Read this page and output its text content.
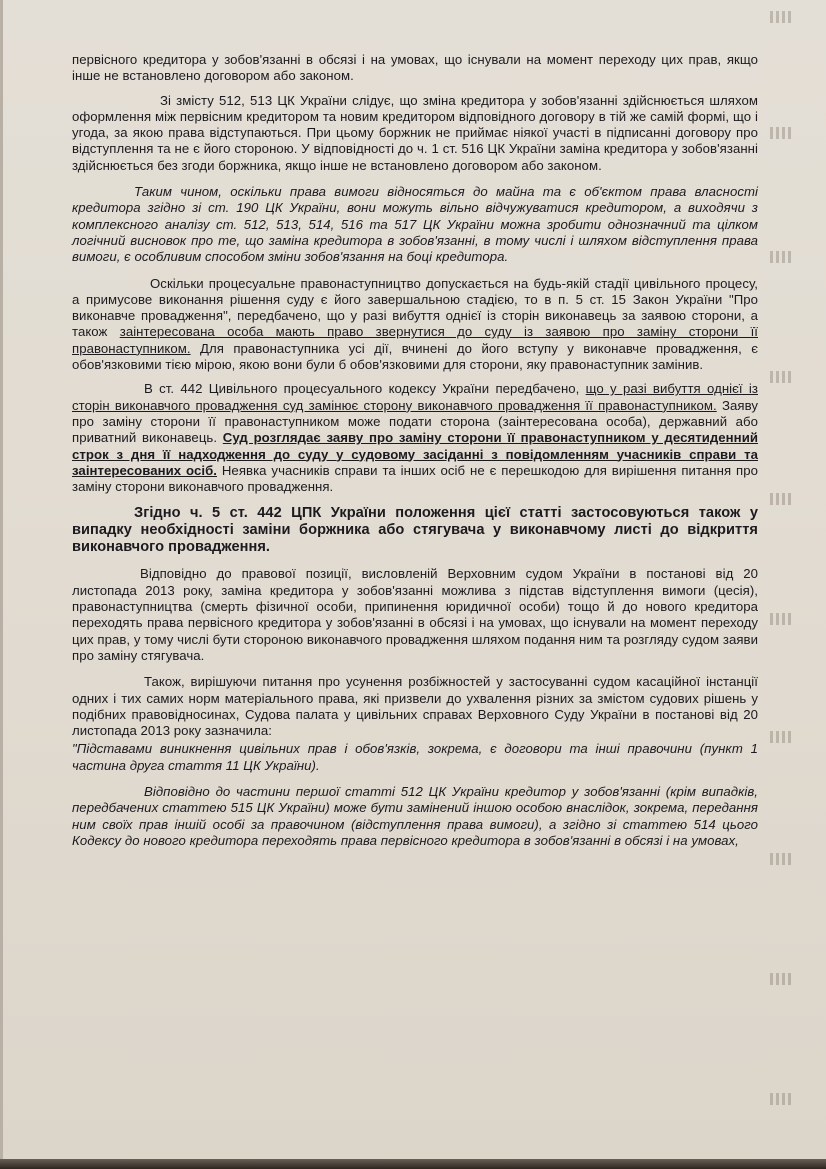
первісного кредитора у зобов'язанні в обсязі і на умовах, що існували на момент переходу цих прав, якщо інше не встановлено договором або законом.

Зі змісту 512, 513 ЦК України слідує, що зміна кредитора у зобов'язанні здійснюється шляхом оформлення між первісним кредитором та новим кредитором відповідного договору в тій же самій формі, що і угода, за якою права відступаються. При цьому боржник не приймає ніякої участі в підписанні договору про відступлення та не є його стороною. У відповідності до ч. 1 ст. 516 ЦК України заміна кредитора у зобов'язанні здійснюється без згоди боржника, якщо інше не встановлено договором або законом.

Таким чином, оскільки права вимоги відносяться до майна та є об'єктом права власності кредитора згідно зі ст. 190 ЦК України, вони можуть вільно відчужуватися кредитором, а виходячи з комплексного аналізу ст. 512, 513, 514, 516 та 517 ЦК України можна зробити однозначний та цілком логічний висновок про те, що заміна кредитора в зобов'язанні, в тому числі і шляхом відступлення права вимоги, є особливим способом зміни зобов'язання на боці кредитора.

Оскільки процесуальне правонаступництво допускається на будь-якій стадії цивільного процесу, а примусове виконання рішення суду є його завершальною стадією, то в п. 5 ст. 15 Закон України "Про виконавче провадження", передбачено, що у разі вибуття однієї із сторін виконавець за заявою сторони, а також заінтересована особа мають право звернутися до суду із заявою про заміну сторони її правонаступником. Для правонаступника усі дії, вчинені до його вступу у виконавче провадження, є обов'язковими тією мірою, якою вони були б обов'язковими для сторони, яку правонаступник замінив.

В ст. 442 Цивільного процесуального кодексу України передбачено, що у разі вибуття однієї із сторін виконавчого провадження суд замінює сторону виконавчого провадження її правонаступником. Заяву про заміну сторони її правонаступником може подати сторона (заінтересована особа), державний або приватний виконавець. Суд розглядає заяву про заміну сторони її правонаступником у десятиденний строк з дня її надходження до суду у судовому засіданні з повідомленням учасників справи та заінтересованих осіб. Неявка учасників справи та інших осіб не є перешкодою для вирішення питання про заміну сторони виконавчого провадження.

Згідно ч. 5 ст. 442 ЦПК України положення цієї статті застосовуються також у випадку необхідності заміни боржника або стягувача у виконавчому листі до відкриття виконавчого провадження.

Відповідно до правової позиції, висловленій Верховним судом України в постанові від 20 листопада 2013 року, заміна кредитора у зобов'язанні можлива з підстав відступлення вимоги (цесія), правонаступництва (смерть фізичної особи, припинення юридичної особи) тощо й до нового кредитора переходять права первісного кредитора у зобов'язанні в обсязі і на умовах, що існували на момент переходу цих прав, у тому числі бути стороною виконавчого провадження шляхом подання ним та розгляду судом заяви про заміну стягувача.

Також, вирішуючи питання про усунення розбіжностей у застосуванні судом касаційної інстанції одних і тих самих норм матеріального права, які призвели до ухвалення різних за змістом судових рішень у подібних правовідносинах, Судова палата у цивільних справах Верховного Суду України в постанові від 20 листопада 2013 року зазначила:

"Підставами виникнення цивільних прав і обов'язків, зокрема, є договори та інші правочини (пункт 1 частина друга стаття 11 ЦК України).

Відповідно до частини першої статті 512 ЦК України кредитор у зобов'язанні (крім випадків, передбачених статтею 515 ЦК України) може бути замінений іншою особою внаслідок, зокрема, передання ним своїх прав іншій особі за правочином (відступлення права вимоги), а згідно зі статтею 514 цього Кодексу до нового кредитора переходять права первісного кредитора в зобов'язанні в обсязі і на умовах,
